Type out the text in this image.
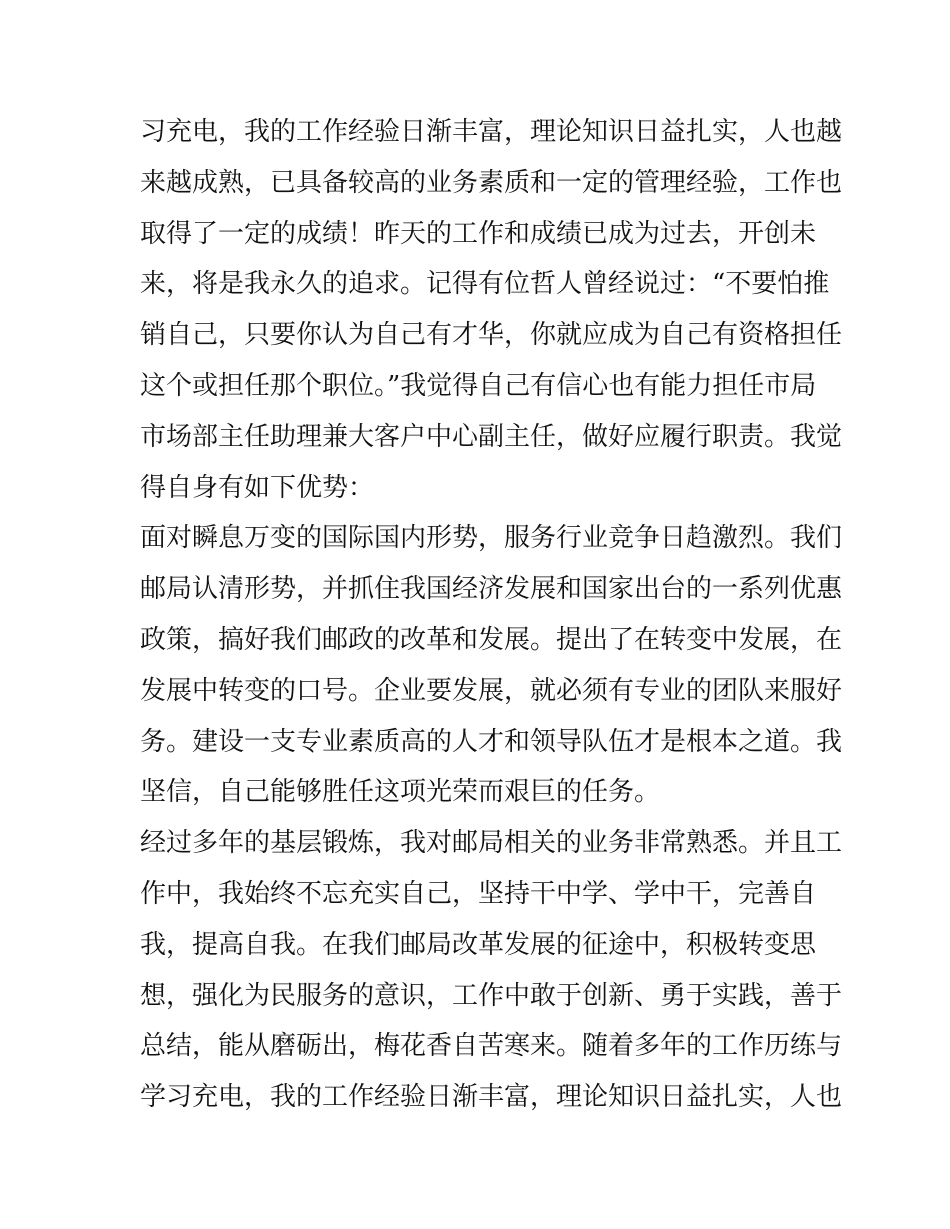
习充电，我的工作经验日渐丰富，理论知识日益扎实，人也越
来越成熟，已具备较高的业务素质和一定的管理经验，工作也
取得了一定的成绩！昨天的工作和成绩已成为过去，开创未
来，将是我永久的追求。记得有位哲人曾经说过：“不要怕推
销自己，只要你认为自己有才华，你就应成为自己有资格担任
这个或担任那个职位。”我觉得自己有信心也有能力担任市局
市场部主任助理兼大客户中心副主任，做好应履行职责。我觉
得自身有如下优势：
面对瞬息万变的国际国内形势，服务行业竞争日趋激烈。我们
邮局认清形势，并抓住我国经济发展和国家出台的一系列优惠
政策，搞好我们邮政的改革和发展。提出了在转变中发展，在
发展中转变的口号。企业要发展，就必须有专业的团队来服好
务。建设一支专业素质高的人才和领导队伍才是根本之道。我
坚信，自己能够胜任这项光荣而艰巨的任务。
经过多年的基层锻炼，我对邮局相关的业务非常熟悉。并且工
作中，我始终不忘充实自己，坚持干中学、学中干，完善自
我，提高自我。在我们邮局改革发展的征途中，积极转变思
想，强化为民服务的意识，工作中敢于创新、勇于实践，善于
总结，能从磨砺出，梅花香自苦寒来。随着多年的工作历练与
学习充电，我的工作经验日渐丰富，理论知识日益扎实，人也
